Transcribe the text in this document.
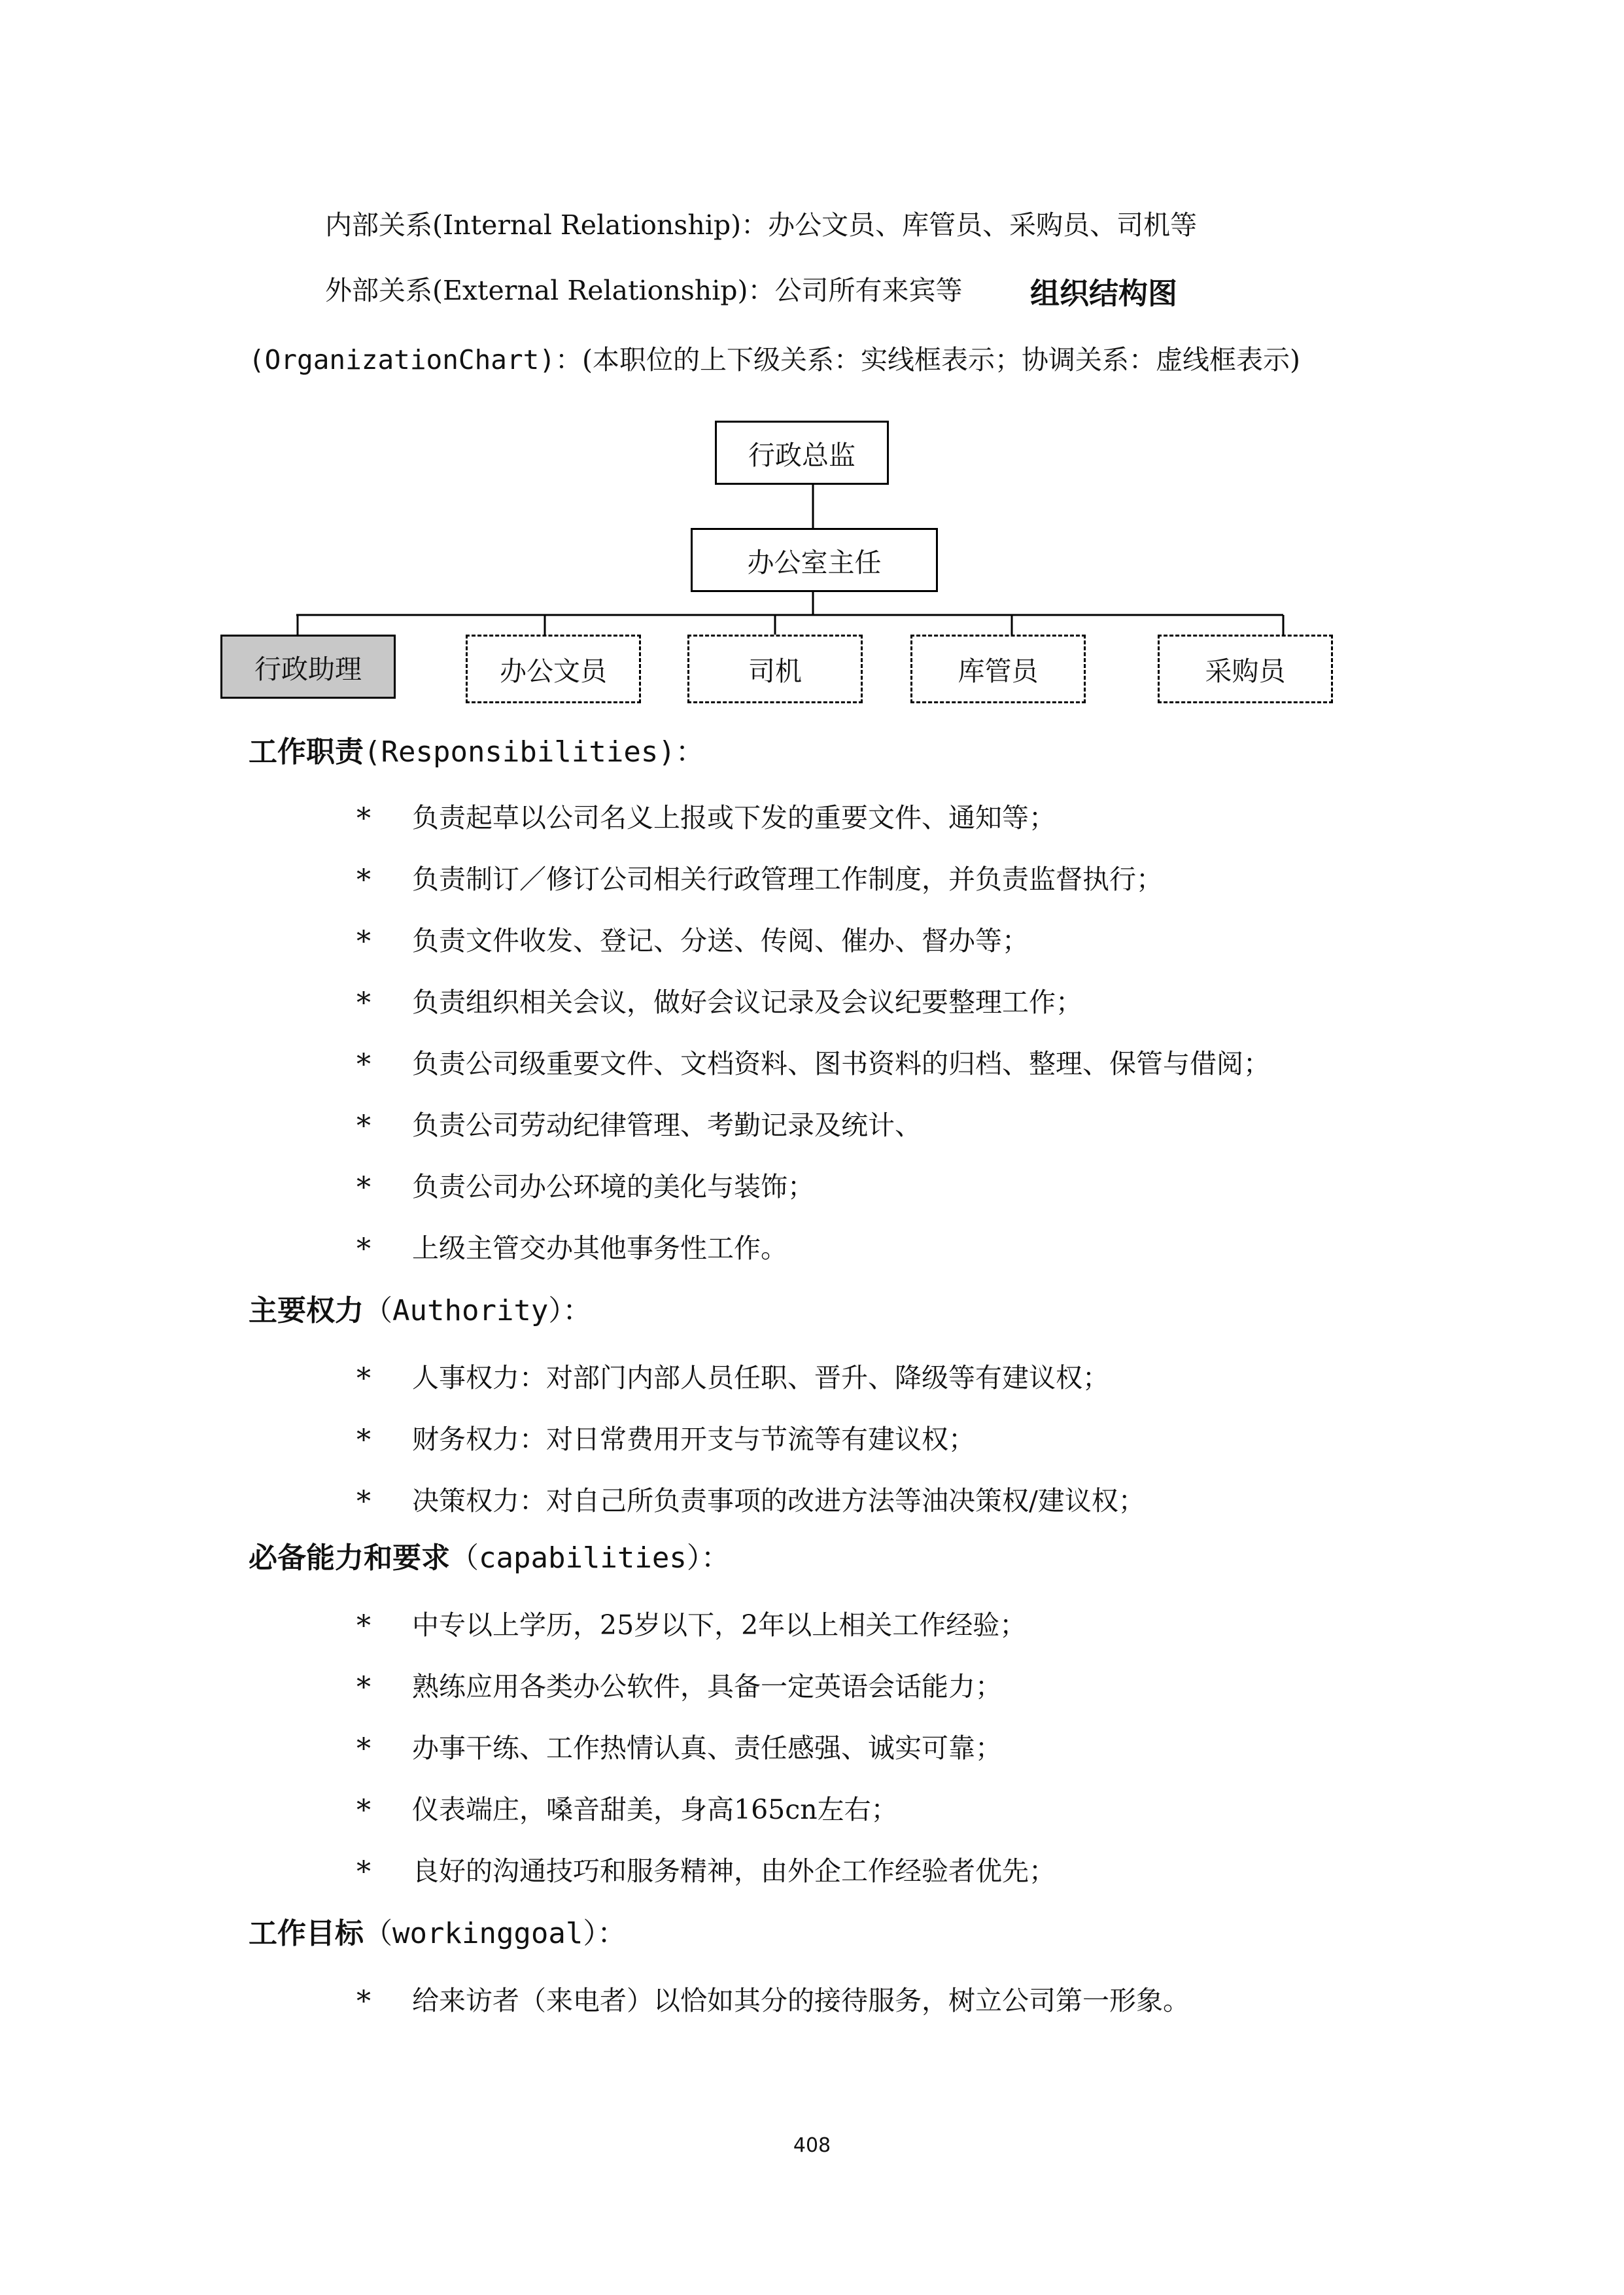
内部关系(Internal Relationship)：办公文员、库管员、采购员、司机等
外部关系(External Relationship)：公司所有来宾等 组织结构图
(OrganizationChart)：(本职位的上下级关系：实线框表示；协调关系：虚线框表示)
行政总监
办公室主任
行政助理	办公文员	司机	库管员	采购员
工作职责(Responsibilities)：
* 负责起草以公司名义上报或下发的重要文件、通知等；
* 负责制订／修订公司相关行政管理工作制度，并负责监督执行；
* 负责文件收发、登记、分送、传阅、催办、督办等；
* 负责组织相关会议，做好会议记录及会议纪要整理工作；
* 负责公司级重要文件、文档资料、图书资料的归档、整理、保管与借阅；
* 负责公司劳动纪律管理、考勤记录及统计、
* 负责公司办公环境的美化与装饰；
* 上级主管交办其他事务性工作。
主要权力（Authority）：
* 人事权力：对部门内部人员任职、晋升、降级等有建议权；
* 财务权力：对日常费用开支与节流等有建议权；
* 决策权力：对自己所负责事项的改进方法等油决策权/建议权；
必备能力和要求（capabilities）：
* 中专以上学历，25岁以下，2年以上相关工作经验；
* 熟练应用各类办公软件，具备一定英语会话能力；
* 办事干练、工作热情认真、责任感强、诚实可靠；
* 仪表端庄，嗓音甜美，身高165cn左右；
* 良好的沟通技巧和服务精神，由外企工作经验者优先；
工作目标（workinggoal）：
* 给来访者（来电者）以恰如其分的接待服务，树立公司第一形象。
408
